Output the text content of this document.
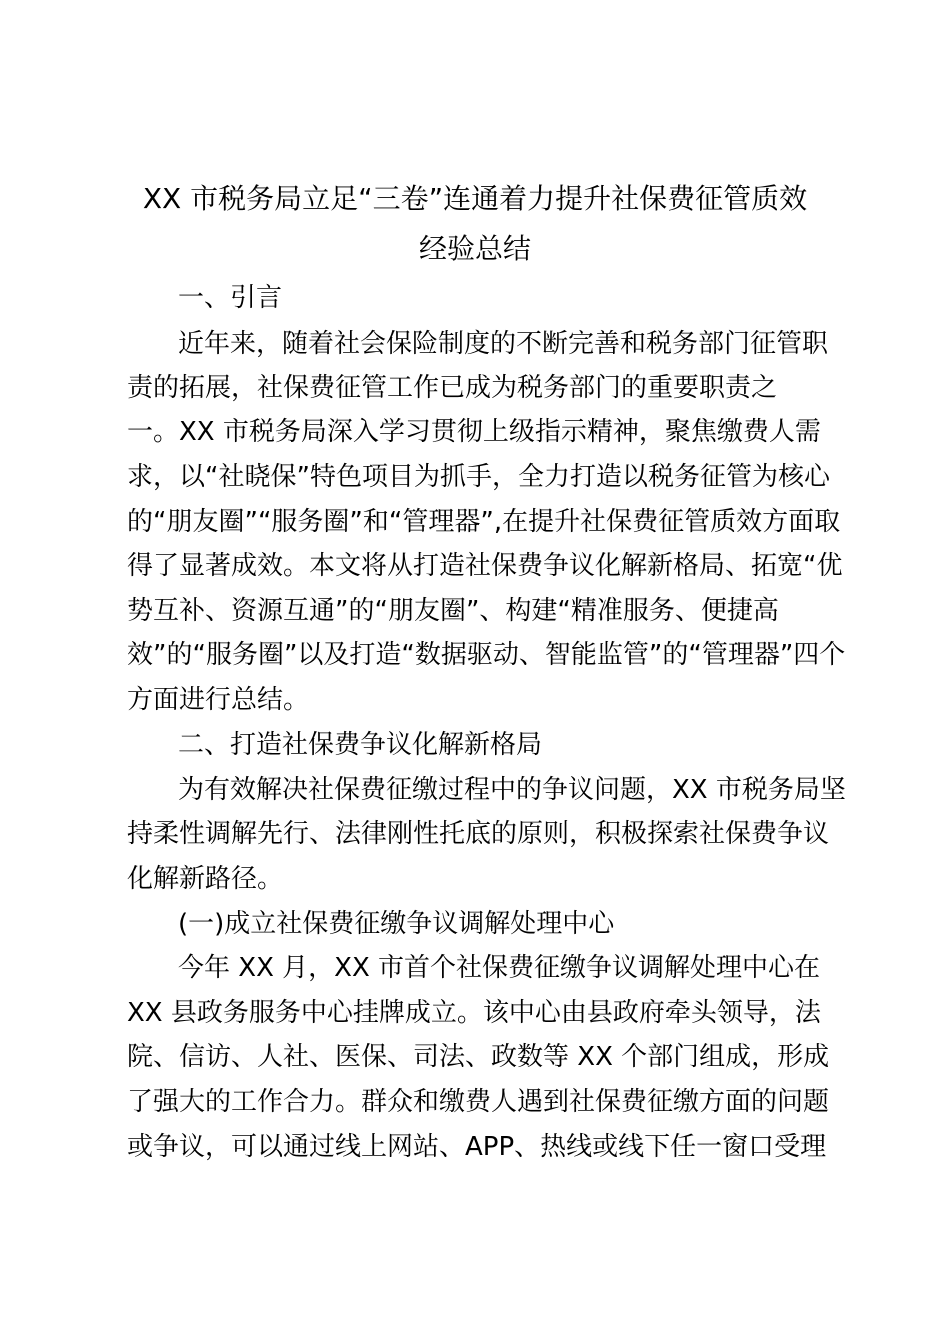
XX 市税务局立足“三卷”连通着力提升社保费征管质效
经验总结
一、引言
近年来，随着社会保险制度的不断完善和税务部门征管职
责的拓展，社保费征管工作已成为税务部门的重要职责之
一。XX 市税务局深入学习贯彻上级指示精神，聚焦缴费人需
求，以“社晓保”特色项目为抓手，全力打造以税务征管为核心
的“朋友圈”“服务圈”和“管理器”,在提升社保费征管质效方面取
得了显著成效。本文将从打造社保费争议化解新格局、拓宽“优
势互补、资源互通”的“朋友圈”、构建“精准服务、便捷高
效”的“服务圈”以及打造“数据驱动、智能监管”的“管理器”四个
方面进行总结。
二、打造社保费争议化解新格局
为有效解决社保费征缴过程中的争议问题，XX 市税务局坚
持柔性调解先行、法律刚性托底的原则，积极探索社保费争议
化解新路径。
(一)成立社保费征缴争议调解处理中心
今年 XX 月，XX 市首个社保费征缴争议调解处理中心在
XX 县政务服务中心挂牌成立。该中心由县政府牵头领导，法
院、信访、人社、医保、司法、政数等 XX 个部门组成，形成
了强大的工作合力。群众和缴费人遇到社保费征缴方面的问题
或争议，可以通过线上网站、APP、热线或线下任一窗口受理
